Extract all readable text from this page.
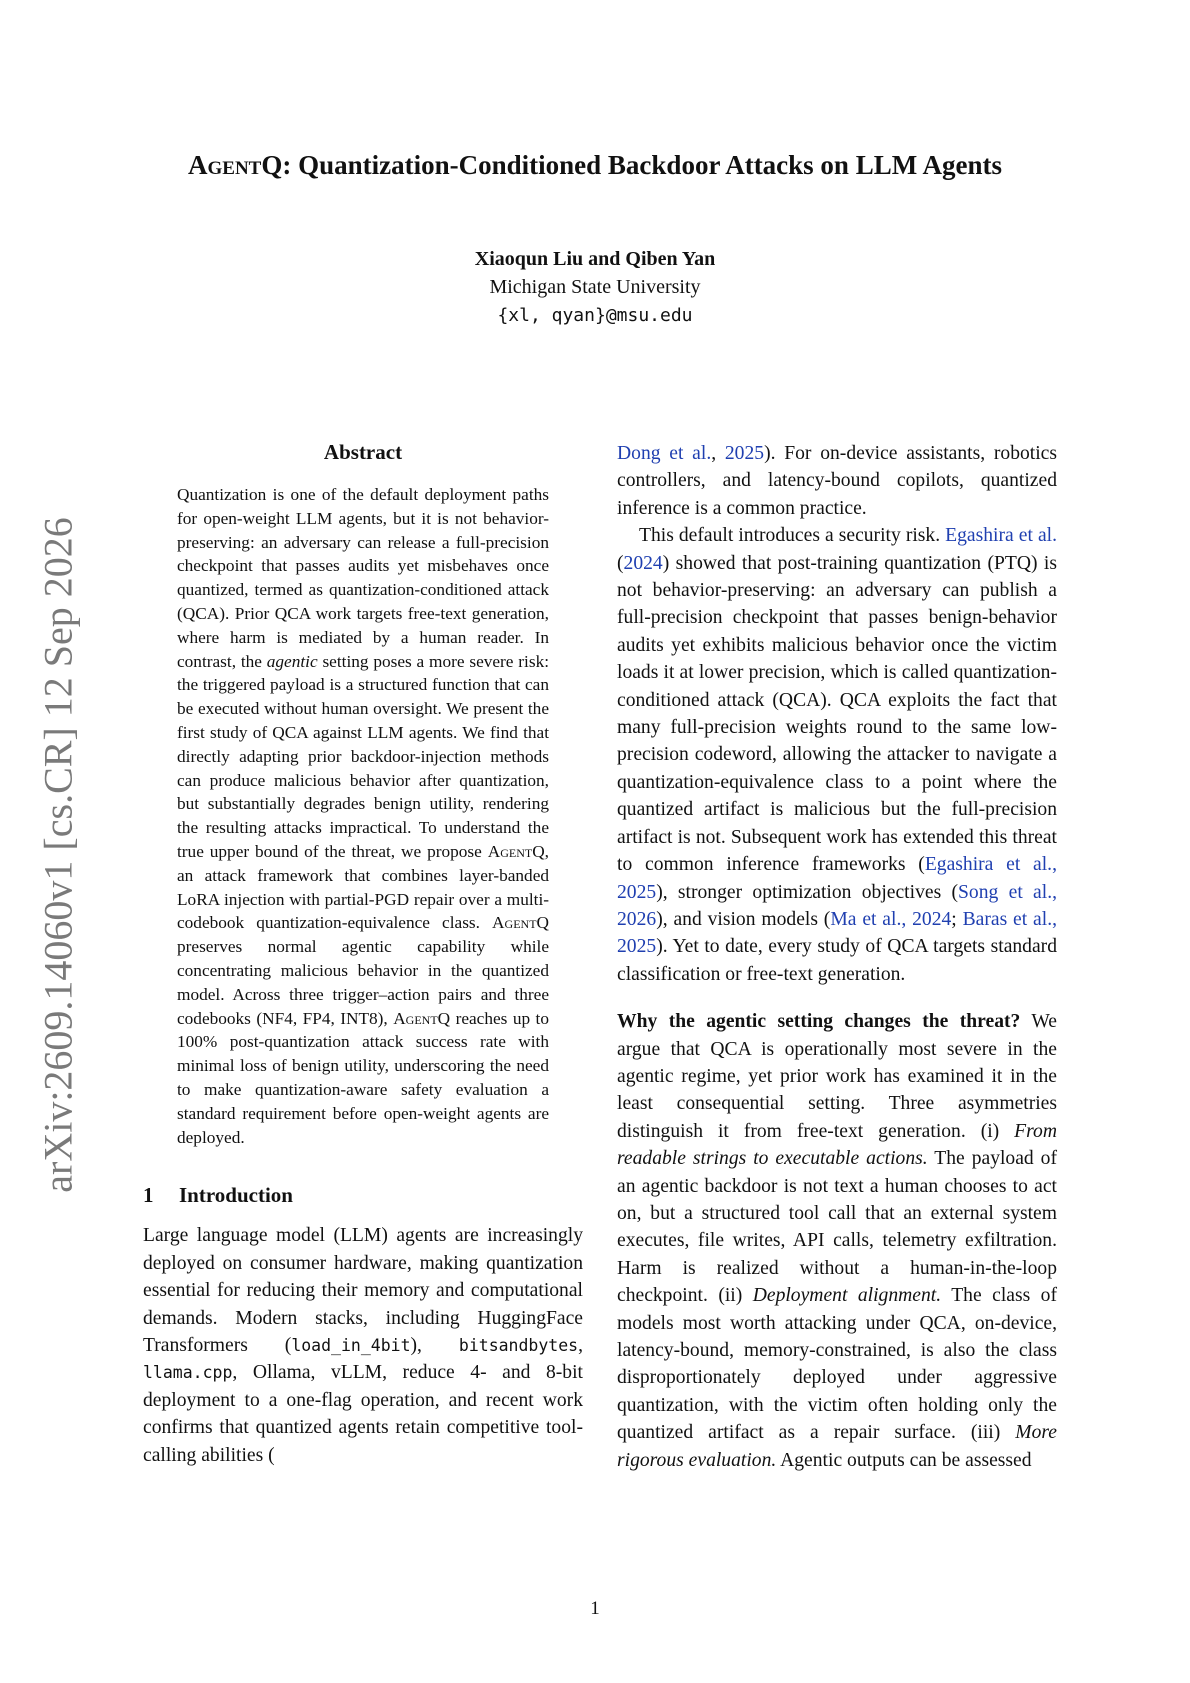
arXiv:2609.14060v1 [cs.CR] 12 Sep 2026
AgentQ: Quantization-Conditioned Backdoor Attacks on LLM Agents
Xiaoqun Liu and Qiben Yan
Michigan State University
{xl, qyan}@msu.edu
Abstract

Quantization is one of the default deployment paths for open-weight LLM agents, but it is not behavior-preserving: an adversary can release a full-precision checkpoint that passes audits yet misbehaves once quantized, termed as quantization-conditioned attack (QCA). Prior QCA work targets free-text generation, where harm is mediated by a human reader. In contrast, the agentic setting poses a more severe risk: the triggered payload is a structured function that can be executed without human oversight. We present the first study of QCA against LLM agents. We find that directly adapting prior backdoor-injection methods can produce malicious behavior after quantization, but substantially degrades benign utility, rendering the resulting attacks impractical. To understand the true upper bound of the threat, we propose AgentQ, an attack framework that combines layer-banded LoRA injection with partial-PGD repair over a multi-codebook quantization-equivalence class. AgentQ preserves normal agentic capability while concentrating malicious behavior in the quantized model. Across three trigger–action pairs and three codebooks (NF4, FP4, INT8), AgentQ reaches up to 100% post-quantization attack success rate with minimal loss of benign utility, underscoring the need to make quantization-aware safety evaluation a standard requirement before open-weight agents are deployed.

1 Introduction

Large language model (LLM) agents are increasingly deployed on consumer hardware, making quantization essential for reducing their memory and computational demands. Modern stacks, including HuggingFace Transformers (load_in_4bit), bitsandbytes, llama.cpp, Ollama, vLLM, reduce 4- and 8-bit deployment to a one-flag operation, and recent work confirms that quantized agents retain competitive tool-calling abilities (

Dong et al., 2025). For on-device assistants, robotics controllers, and latency-bound copilots, quantized inference is a common practice.

This default introduces a security risk. Egashira et al. (2024) showed that post-training quantization (PTQ) is not behavior-preserving: an adversary can publish a full-precision checkpoint that passes benign-behavior audits yet exhibits malicious behavior once the victim loads it at lower precision, which is called quantization-conditioned attack (QCA). QCA exploits the fact that many full-precision weights round to the same low-precision codeword, allowing the attacker to navigate a quantization-equivalence class to a point where the quantized artifact is malicious but the full-precision artifact is not. Subsequent work has extended this threat to common inference frameworks (Egashira et al., 2025), stronger optimization objectives (Song et al., 2026), and vision models (Ma et al., 2024; Baras et al., 2025). Yet to date, every study of QCA targets standard classification or free-text generation.

Why the agentic setting changes the threat? We argue that QCA is operationally most severe in the agentic regime, yet prior work has examined it in the least consequential setting. Three asymmetries distinguish it from free-text generation. (i) From readable strings to executable actions. The payload of an agentic backdoor is not text a human chooses to act on, but a structured tool call that an external system executes, file writes, API calls, telemetry exfiltration. Harm is realized without a human-in-the-loop checkpoint. (ii) Deployment alignment. The class of models most worth attacking under QCA, on-device, latency-bound, memory-constrained, is also the class disproportionately deployed under aggressive quantization, with the victim often holding only the quantized artifact as a repair surface. (iii) More rigorous evaluation. Agentic outputs can be assessed

1
